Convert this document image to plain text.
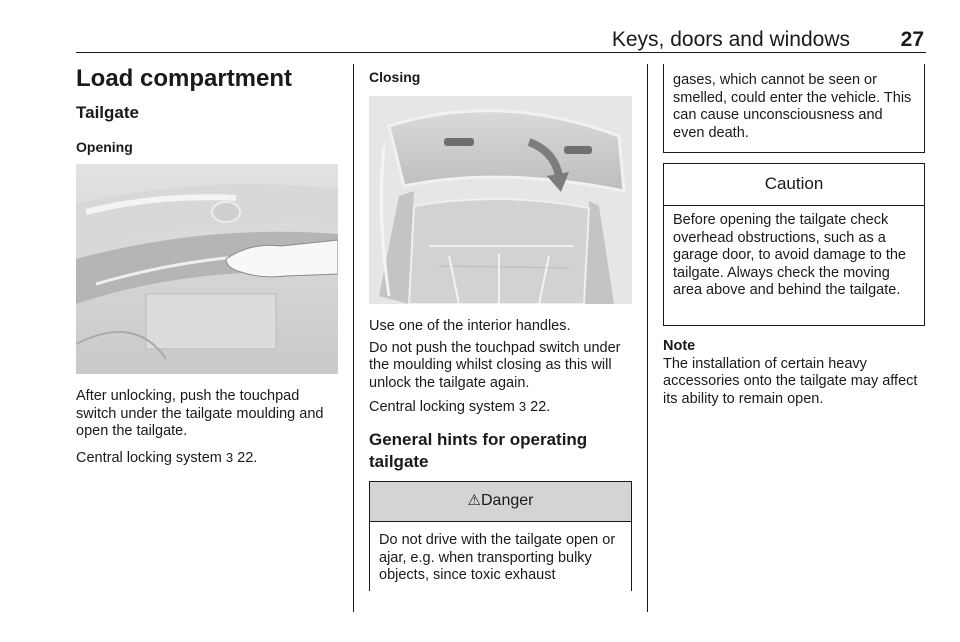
Keys, doors and windows 27
Load compartment
Tailgate
Opening
After unlocking, push the touchpad switch under the tailgate moulding and open the tailgate.
Central locking system 3 22.
Closing
Use one of the interior handles.
Do not push the touchpad switch under the moulding whilst closing as this will unlock the tailgate again.
Central locking system 3 22.
General hints for operating tailgate
⚠Danger
Do not drive with the tailgate open or ajar, e.g. when transporting bulky objects, since toxic exhaust
gases, which cannot be seen or smelled, could enter the vehicle. This can cause unconsciousness and even death.
Caution
Before opening the tailgate check overhead obstructions, such as a garage door, to avoid damage to the tailgate. Always check the moving area above and behind the tailgate.
Note
The installation of certain heavy accessories onto the tailgate may affect its ability to remain open.
